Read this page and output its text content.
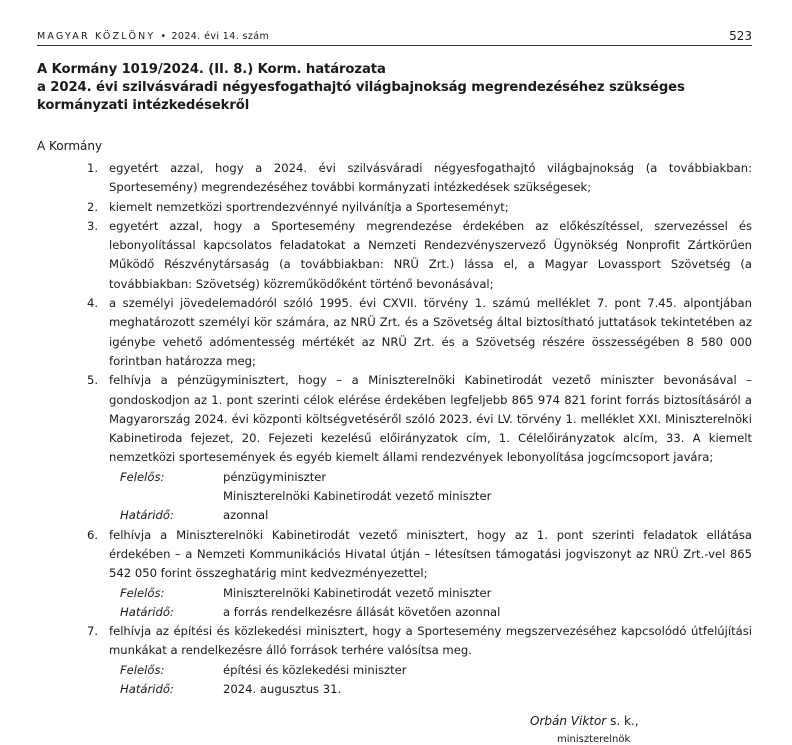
MAGYAR KÖZLÖNY • 2024. évi 14. szám	523
A Kormány 1019/2024. (II. 8.) Korm. határozata
a 2024. évi szilvásváradi négyesfogathajtó világbajnokság megrendezéséhez szükséges kormányzati intézkedésekről
A Kormány
1. egyetért azzal, hogy a 2024. évi szilvásváradi négyesfogathajtó világbajnokság (a továbbiakban: Sportesemény) megrendezéséhez további kormányzati intézkedések szükségesek;
2. kiemelt nemzetközi sportrendezvénnyé nyilvánítja a Sporteseményt;
3. egyetért azzal, hogy a Sportesemény megrendezése érdekében az előkészítéssel, szervezéssel és lebonyolítással kapcsolatos feladatokat a Nemzeti Rendezvényszervező Ügynökség Nonprofit Zártkörűen Működő Részvénytársaság (a továbbiakban: NRÜ Zrt.) lássa el, a Magyar Lovassport Szövetség (a továbbiakban: Szövetség) közreműködőként történő bevonásával;
4. a személyi jövedelemadóról szóló 1995. évi CXVII. törvény 1. számú melléklet 7. pont 7.45. alpontjában meghatározott személyi kör számára, az NRÜ Zrt. és a Szövetség által biztosítható juttatások tekintetében az igénybe vehető adómentesség mértékét az NRÜ Zrt. és a Szövetség részére összességében 8 580 000 forintban határozza meg;
5. felhívja a pénzügyminisztert, hogy – a Miniszterelnöki Kabinetirodát vezető miniszter bevonásával – gondoskodjon az 1. pont szerinti célok elérése érdekében legfeljebb 865 974 821 forint forrás biztosításáról a Magyarország 2024. évi központi költségvetéséről szóló 2023. évi LV. törvény 1. melléklet XXI. Miniszterelnöki Kabinetiroda fejezet, 20. Fejezeti kezelésű előirányzatok cím, 1. Célelőirányzatok alcím, 33. A kiemelt nemzetközi sportesemények és egyéb kiemelt állami rendezvények lebonyolítása jogcímcsoport javára;
Felelős:	pénzügyminiszter
Miniszterelnöki Kabinetirodát vezető miniszter
Határidő:	azonnal
6. felhívja a Miniszterelnöki Kabinetirodát vezető minisztert, hogy az 1. pont szerinti feladatok ellátása érdekében – a Nemzeti Kommunikációs Hivatal útján – létesítsen támogatási jogviszonyt az NRÜ Zrt.-vel 865 542 050 forint összeghatárig mint kedvezményezettel;
Felelős:	Miniszterelnöki Kabinetirodát vezető miniszter
Határidő:	a forrás rendelkezésre állását követően azonnal
7. felhívja az építési és közlekedési minisztert, hogy a Sportesemény megszervezéséhez kapcsolódó útfelújítási munkákat a rendelkezésre álló források terhére valósítsa meg.
Felelős:	építési és közlekedési miniszter
Határidő:	2024. augusztus 31.
Orbán Viktor s. k.,
miniszterelnök
